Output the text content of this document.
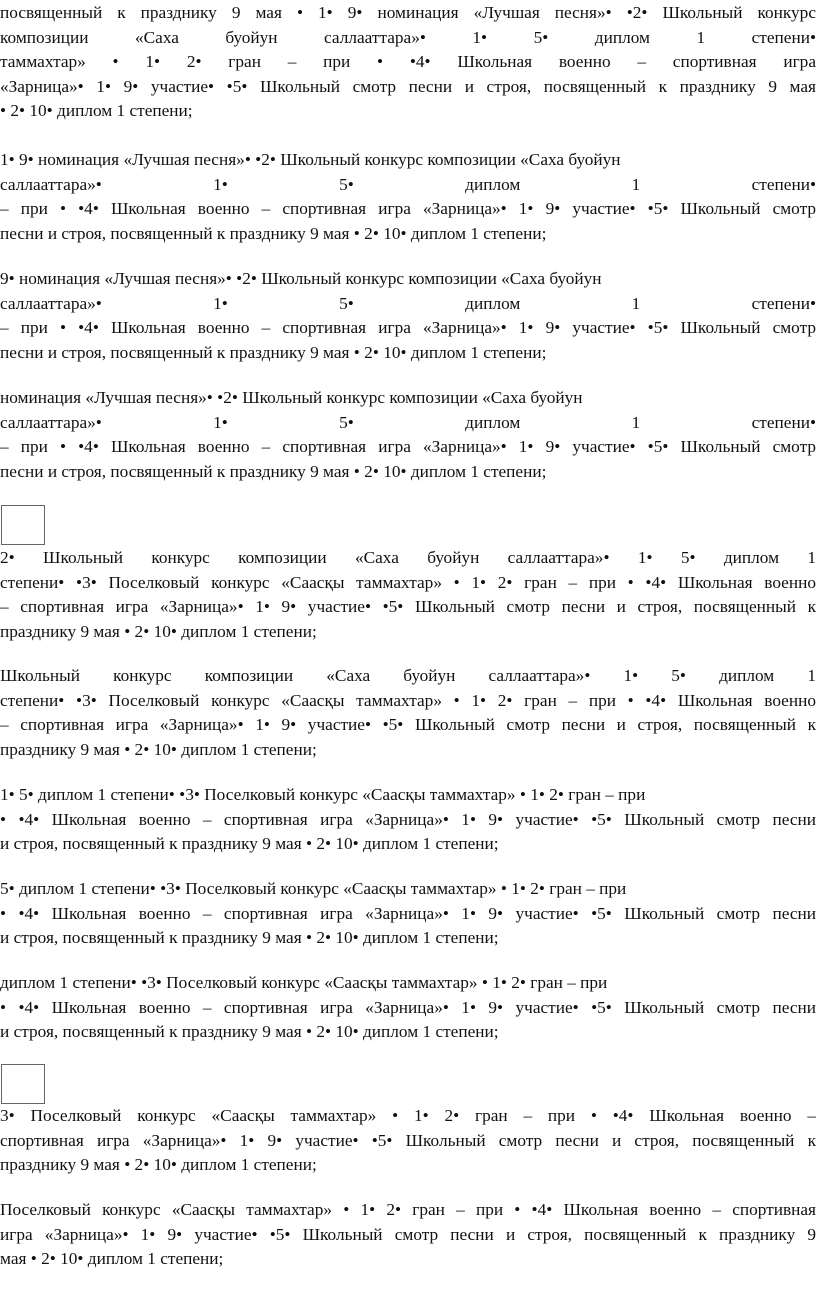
посвященный к празднику 9 мая • 1• 9• номинация «Лучшая песня»• •2• Школьный конкурс
композиции «Саха буойун саллааттара»• 1• 5• диплом 1 степени•
таммахтар» • 1• 2• гран – при • •4• Школьная военно – спортивная игра
«Зарница»• 1• 9• участие• •5• Школьный смотр песни и строя, посвященный к празднику 9 мая
• 2• 10• диплом 1 степени;
1• 9• номинация «Лучшая песня»• •2• Школьный конкурс композиции «Саха буойун
саллааттара»• 1• 5• диплом 1 степени•
– при • •4• Школьная военно – спортивная игра «Зарница»• 1• 9• участие• •5• Школьный смотр
песни и строя, посвященный к празднику 9 мая • 2• 10• диплом 1 степени;
9• номинация «Лучшая песня»• •2• Школьный конкурс композиции «Саха буойун
саллааттара»• 1• 5• диплом 1 степени•
– при • •4• Школьная военно – спортивная игра «Зарница»• 1• 9• участие• •5• Школьный смотр
песни и строя, посвященный к празднику 9 мая • 2• 10• диплом 1 степени;
номинация «Лучшая песня»• •2• Школьный конкурс композиции «Саха буойун
саллааттара»• 1• 5• диплом 1 степени•
– при • •4• Школьная военно – спортивная игра «Зарница»• 1• 9• участие• •5• Школьный смотр
песни и строя, посвященный к празднику 9 мая • 2• 10• диплом 1 степени;
2• Школьный конкурс композиции «Саха буойун саллааттара»• 1• 5• диплом 1
степени• •3• Поселковый конкурс «Саасқы таммахтар» • 1• 2• гран – при • •4• Школьная военно
– спортивная игра «Зарница»• 1• 9• участие• •5• Школьный смотр песни и строя, посвященный к
празднику 9 мая • 2• 10• диплом 1 степени;
Школьный конкурс композиции «Саха буойун саллааттара»• 1• 5• диплом 1
степени• •3• Поселковый конкурс «Саасқы таммахтар» • 1• 2• гран – при • •4• Школьная военно
– спортивная игра «Зарница»• 1• 9• участие• •5• Школьный смотр песни и строя, посвященный к
празднику 9 мая • 2• 10• диплом 1 степени;
1• 5• диплом 1 степени• •3• Поселковый конкурс «Саасқы таммахтар» • 1• 2• гран – при
• •4• Школьная военно – спортивная игра «Зарница»• 1• 9• участие• •5• Школьный смотр песни
и строя, посвященный к празднику 9 мая • 2• 10• диплом 1 степени;
5• диплом 1 степени• •3• Поселковый конкурс «Саасқы таммахтар» • 1• 2• гран – при
• •4• Школьная военно – спортивная игра «Зарница»• 1• 9• участие• •5• Школьный смотр песни
и строя, посвященный к празднику 9 мая • 2• 10• диплом 1 степени;
диплом 1 степени• •3• Поселковый конкурс «Саасқы таммахтар» • 1• 2• гран – при
• •4• Школьная военно – спортивная игра «Зарница»• 1• 9• участие• •5• Школьный смотр песни
и строя, посвященный к празднику 9 мая • 2• 10• диплом 1 степени;
3• Поселковый конкурс «Саасқы таммахтар» • 1• 2• гран – при • •4• Школьная военно –
спортивная игра «Зарница»• 1• 9• участие• •5• Школьный смотр песни и строя, посвященный к
празднику 9 мая • 2• 10• диплом 1 степени;
Поселковый конкурс «Саасқы таммахтар» • 1• 2• гран – при • •4• Школьная военно – спортивная
игра «Зарница»• 1• 9• участие• •5• Школьный смотр песни и строя, посвященный к празднику 9
мая • 2• 10• диплом 1 степени;
